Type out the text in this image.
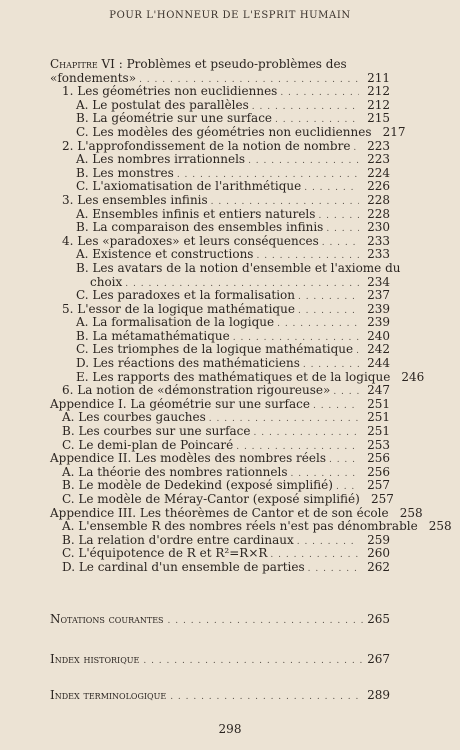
POUR L'HONNEUR DE L'ESPRIT HUMAIN
Chapitre VI : Problèmes et pseudo-problèmes des
«fondements» . . .	211
1. Les géométries non euclidiennes . . .	212
A. Le postulat des parallèles . . .	212
B. La géométrie sur une surface . . .	215
C. Les modèles des géométries non euclidiennes 217
2. L'approfondissement de la notion de nombre . . .	223
A. Les nombres irrationnels . . .	223
B. Les monstres . . .	224
C. L'axiomatisation de l'arithmétique . . .	226
3. Les ensembles infinis . . .	228
A. Ensembles infinis et entiers naturels . . .	228
B. La comparaison des ensembles infinis . . .	230
4. Les «paradoxes» et leurs conséquences . . .	233
A. Existence et constructions . . .	233
B. Les avatars de la notion d'ensemble et l'axiome du
choix . . .	234
C. Les paradoxes et la formalisation . . .	237
5. L'essor de la logique mathématique . . .	239
A. La formalisation de la logique . . .	239
B. La métamathématique . . .	240
C. Les triomphes de la logique mathématique . . .	242
D. Les réactions des mathématiciens . . .	244
E. Les rapports des mathématiques et de la logique 246
6. La notion de «démonstration rigoureuse» . . .	247
Appendice I. La géométrie sur une surface . . .	251
A. Les courbes gauches . . .	251
B. Les courbes sur une surface . . .	251
C. Le demi-plan de Poincaré . . .	253
Appendice II. Les modèles des nombres réels . . .	256
A. La théorie des nombres rationnels . . .	256
B. Le modèle de Dedekind (exposé simplifié) . . .	257
C. Le modèle de Méray-Cantor (exposé simplifié) 257
Appendice III. Les théorèmes de Cantor et de son école 258
A. L'ensemble R des nombres réels n'est pas dénombrable 258
B. La relation d'ordre entre cardinaux . . .	259
C. L'équipotence de R et R²=R×R . . .	260
D. Le cardinal d'un ensemble de parties . . .	262
Notations courantes . . .	265
Index historique . . .	267
Index terminologique . . .	289
298
